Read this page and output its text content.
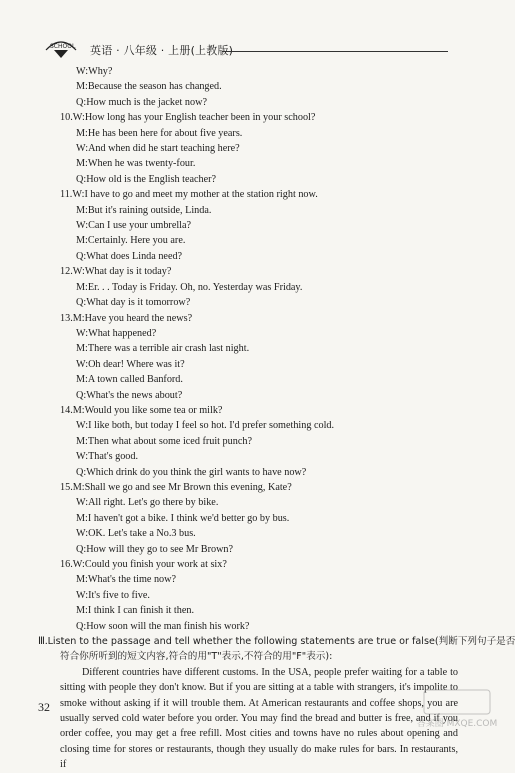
SCHOOL 英语 · 八年级 · 上册(上教版)
W:Why?
M:Because the season has changed.
Q:How much is the jacket now?
10.W:How long has your English teacher been in your school?
M:He has been here for about five years.
W:And when did he start teaching here?
M:When he was twenty-four.
Q:How old is the English teacher?
11.W:I have to go and meet my mother at the station right now.
M:But it's raining outside, Linda.
W:Can I use your umbrella?
M:Certainly. Here you are.
Q:What does Linda need?
12.W:What day is it today?
M:Er. . . Today is Friday. Oh, no. Yesterday was Friday.
Q:What day is it tomorrow?
13.M:Have you heard the news?
W:What happened?
M:There was a terrible air crash last night.
W:Oh dear! Where was it?
M:A town called Banford.
Q:What's the news about?
14.M:Would you like some tea or milk?
W:I like both, but today I feel so hot. I'd prefer something cold.
M:Then what about some iced fruit punch?
W:That's good.
Q:Which drink do you think the girl wants to have now?
15.M:Shall we go and see Mr Brown this evening, Kate?
W:All right. Let's go there by bike.
M:I haven't got a bike. I think we'd better go by bus.
W:OK. Let's take a No.3 bus.
Q:How will they go to see Mr Brown?
16.W:Could you finish your work at six?
M:What's the time now?
W:It's five to five.
M:I think I can finish it then.
Q:How soon will the man finish his work?
Ⅲ.Listen to the passage and tell whether the following statements are true or false(判断下列句子是否
符合你所听到的短文内容,符合的用"T"表示,不符合的用"F"表示):
Different countries have different customs. In the USA, people prefer waiting for a table to sitting with people they don't know. But if you are sitting at a table with strangers, it's impolite to smoke without asking if it will trouble them. At American restaurants and coffee shops, you are usually served cold water before you order. You may find the bread and butter is free, and if you order coffee, you may get a free refill. Most cities and towns have no rules about opening and closing time for stores or restaurants, though they usually do make rules for bars. In restaurants, if
32
答案圈 MXQE.COM
